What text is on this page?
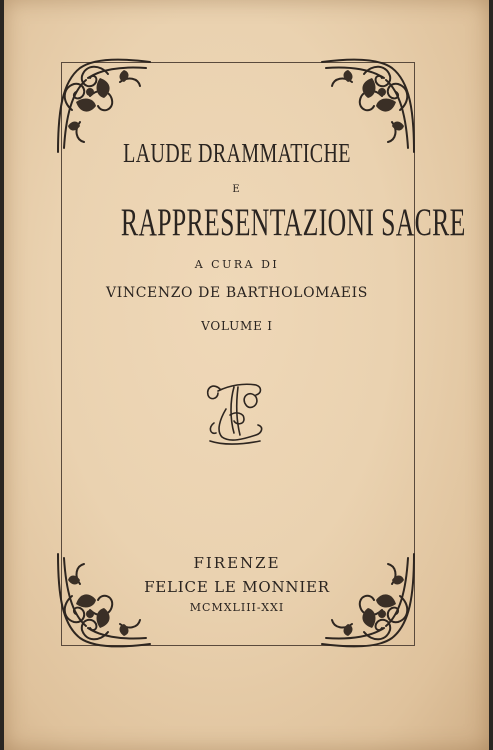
LAUDE DRAMMATICHE
E
RAPPRESENTAZIONI SACRE
A CURA DI
VINCENZO DE BARTHOLOMAEIS
VOLUME I
FIRENZE
FELICE LE MONNIER
MCMXLIII-XXI
